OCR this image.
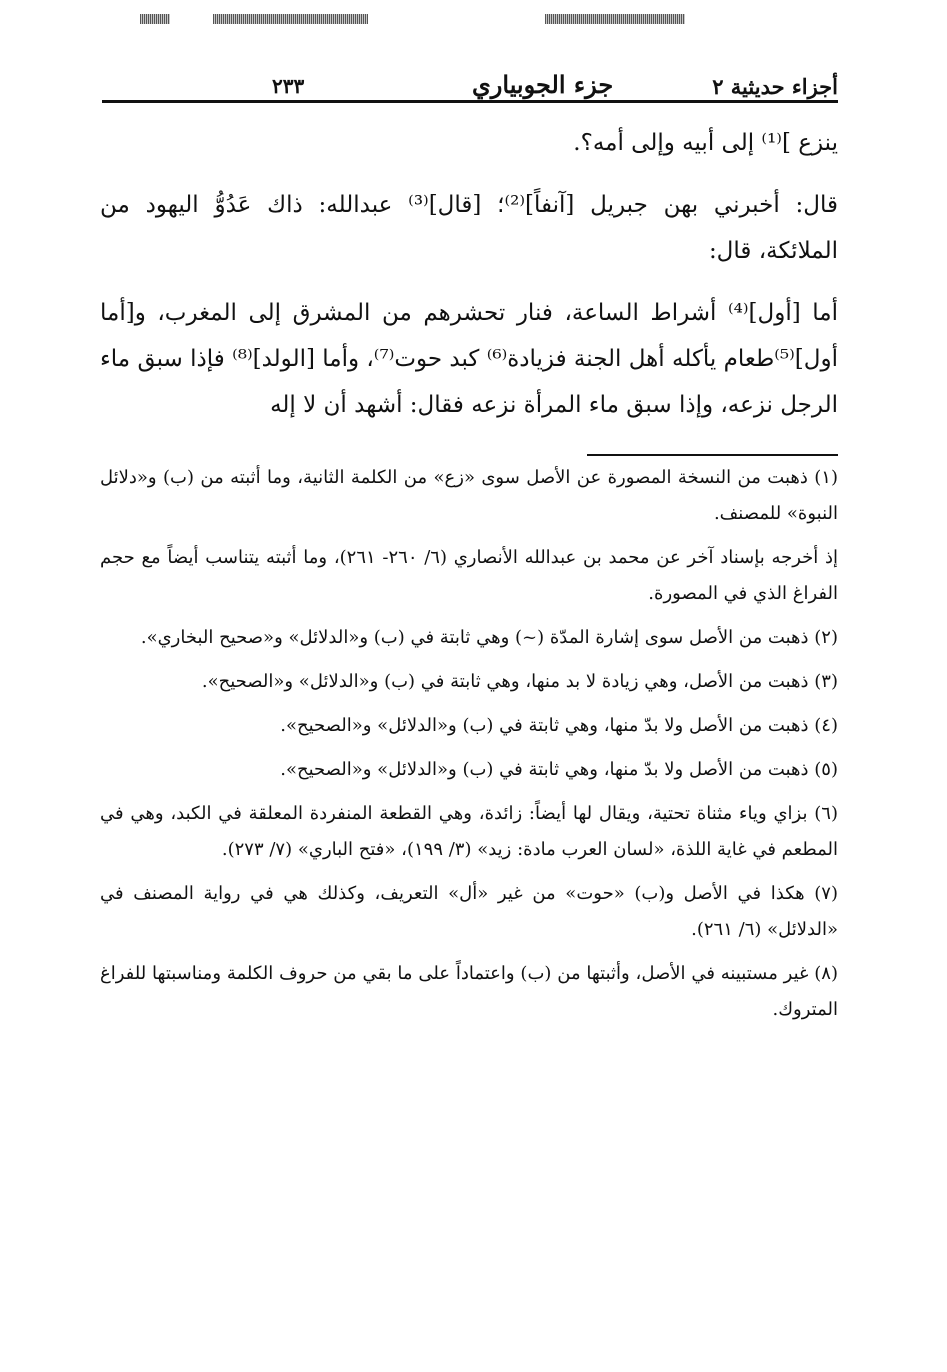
أجزاء حديثية ٢
جزء الجوبياري
٢٣٣

ينزع ]⁽¹⁾ إلى أبيه وإلى أمه؟.

قال: أخبرني بهن جبريل [آنفاً]⁽²⁾؛ [قال]⁽³⁾ عبدالله: ذاك عَدُوُّ اليهود من الملائكة، قال:

أما [أول]⁽⁴⁾ أشراط الساعة، فنار تحشرهم من المشرق إلى المغرب، و[أما أول]⁽⁵⁾طعام يأكله أهل الجنة فزيادة⁽⁶⁾ كبد حوت⁽⁷⁾، وأما [الولد]⁽⁸⁾ فإذا سبق ماء الرجل نزعه، وإذا سبق ماء المرأة نزعه فقال: أشهد أن لا إله

(١) ذهبت من النسخة المصورة عن الأصل سوى «زع» من الكلمة الثانية، وما أثبته من (ب) و«دلائل النبوة» للمصنف.

إذ أخرجه بإسناد آخر عن محمد بن عبدالله الأنصاري (٦/ ٢٦٠- ٢٦١)، وما أثبته يتناسب أيضاً مع حجم الفراغ الذي في المصورة.

(٢) ذهبت من الأصل سوى إشارة المدّة (~) وهي ثابتة في (ب) و«الدلائل» و«صحيح البخاري».

(٣) ذهبت من الأصل، وهي زيادة لا بد منها، وهي ثابتة في (ب) و«الدلائل» و«الصحيح».

(٤) ذهبت من الأصل ولا بدّ منها، وهي ثابتة في (ب) و«الدلائل» و«الصحيح».

(٥) ذهبت من الأصل ولا بدّ منها، وهي ثابتة في (ب) و«الدلائل» و«الصحيح».

(٦) بزاي وياء مثناة تحتية، ويقال لها أيضاً: زائدة، وهي القطعة المنفردة المعلقة في الكبد، وهي في المطعم في غاية اللذة، «لسان العرب مادة: زيد» (٣/ ١٩٩)، «فتح الباري» (٧/ ٢٧٣).

(٧) هكذا في الأصل و(ب) «حوت» من غير «أل» التعريف، وكذلك هي في رواية المصنف في «الدلائل» (٦/ ٢٦١).

(٨) غير مستبينه في الأصل، وأثبتها من (ب) واعتماداً على ما بقي من حروف الكلمة ومناسبتها للفراغ المتروك.
